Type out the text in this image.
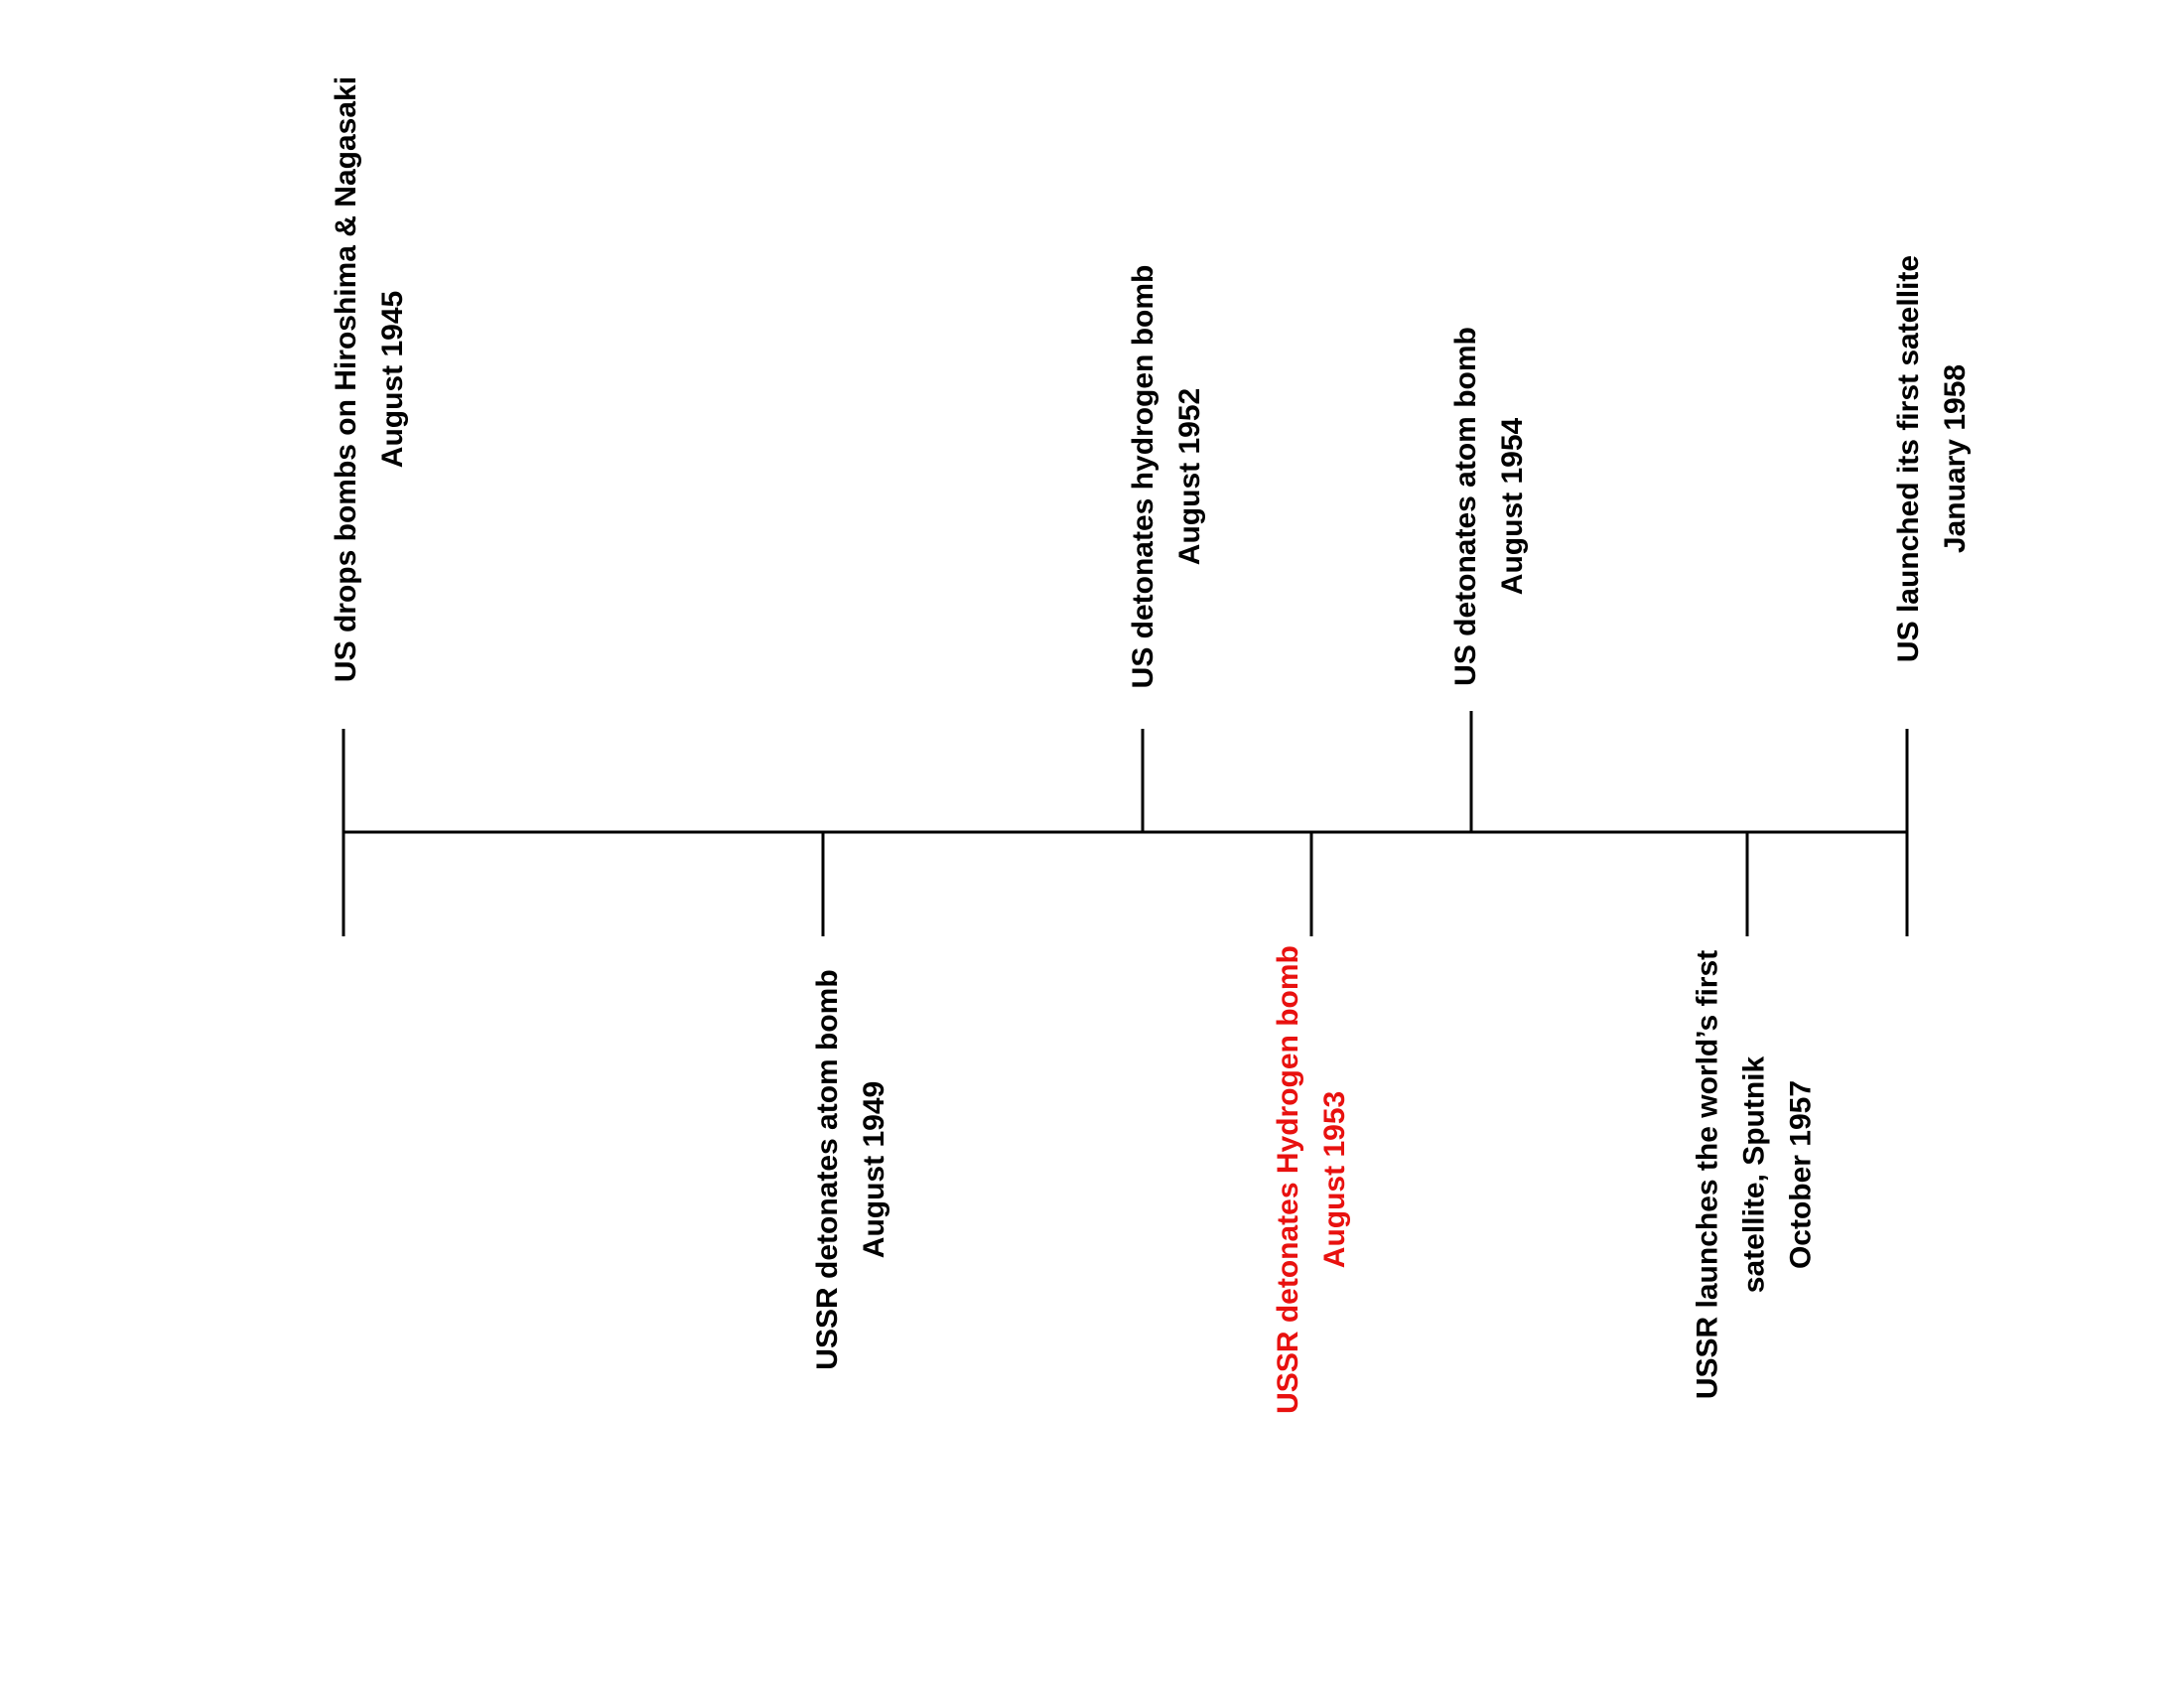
US drops bombs on Hiroshima & Nagasaki August 1945
USSR detonates atom bomb August 1949
US detonates hydrogen bomb August 1952
USSR detonates Hydrogen bomb August 1953
US detonates atom bomb August 1954
USSR launches the world’s first satellite, Sputnik October 1957
US launched its first satellite January 1958
